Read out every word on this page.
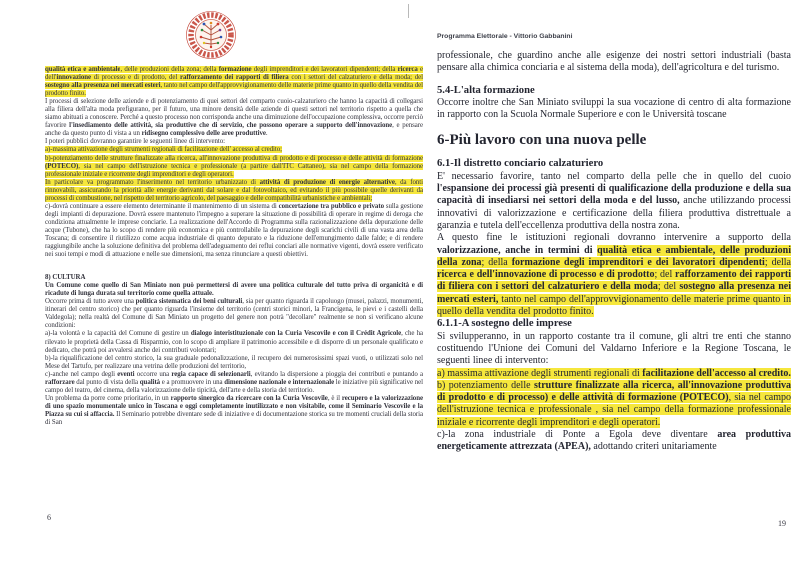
qualità etica e ambientale, delle produzioni della zona; della formazione degli imprenditori e dei lavoratori dipendenti; della ricerca e dell'innovazione di processo e di prodotto, del rafforzamento dei rapporti di filiera con i settori del calzaturiero e della moda; del sostegno alla presenza nei mercati esteri, tanto nel campo dell'approvvigionamento delle materie prime quanto in quello della vendita del prodotto finito.
I processi di selezione delle aziende e di potenziamento di quei settori del comparto cuoio-calzaturiero che hanno la capacità di collegarsi alla filiera dell'alta moda prefigurano, per il futuro, una minore densità delle aziende di questi settori nel territorio rispetto a quella che siamo abituati a conoscere. Perché a questo processo non corrisponda anche una diminuzione dell'occupazione complessiva, occorre perciò favorire l'insediamento delle attività, sia produttive che di servizio, che possono operare a supporto dell'innovazione, e pensare anche da questo punto di vista a un ridisegno complessivo delle aree produttive.
I poteri pubblici dovranno garantire le seguenti linee di intervento:
a)-massima attivazione degli strumenti regionali di facilitazione dell' accesso al credito;
b)-potenziamento delle strutture finalizzate alla ricerca, all'innovazione produttiva di prodotto e di processo e delle attività di formazione (POTECO), sia nel campo dell'istruzione tecnica e professionale (a partire dall'ITC Cattaneo), sia nel campo della formazione professionale iniziale e ricorrente degli imprenditori e degli operatori.
In particolare va programmato l'inserimento nel territorio urbanizzato di attività di produzione di energie alternative, da fonti rinnovabili, assicurando la priorità alle energie derivanti dal solare e dal fotovoltaico, ed evitando il più possibile quelle derivanti da processi di combustione, nel rispetto del territorio agricolo, del paesaggio e delle compatibilità urbanistiche e ambientali;
c)-dovrà continuare a essere elemento determinante il mantenimento di un sistema di concertazione tra pubblico e privato sulla gestione degli impianti di depurazione. Dovrà essere mantenuto l'impegno a superare la situazione di possibilità di operare in regime di deroga che condiziona attualmente le imprese conciarie. La realizzazione dell'Accordo di Programma sulla razionalizzazione della depurazione delle acque (Tubone), che ha lo scopo di rendere più economica e più controllabile la depurazione degli scarichi civili di una vasta area della Toscana; di consentire il riutilizzo come acqua industriale di quanto depurato e la riduzione dell'emungimento dalle falde; e di rendere raggiungibile anche la soluzione definitiva del problema dell'adeguamento dei reflui conciari alle normative vigenti, dovrà essere verificato nei suoi tempi e modi di attuazione e nelle sue dimensioni, ma senza rinunciare a questi obiettivi.
8) CULTURA
Un Comune come quello di San Miniato non può permettersi di avere una politica culturale del tutto priva di organicità e di ricadute di lunga durata sul territorio come quella attuale.
Occorre prima di tutto avere una politica sistematica dei beni culturali, sia per quanto riguarda il capoluogo (musei, palazzi, monumenti, itinerari del centro storico) che per quanto riguarda l'insieme del territorio (centri storici minori, la Francigena, le pievi e i castelli della Valdegola); nella realtà del Comune di San Miniato un progetto del genere non potrà "decollare" realmente se non si verificano alcune condizioni:
a)-la volontà e la capacità del Comune di gestire un dialogo interistituzionale con la Curia Vescovile e con il Crédit Agricole, che ha rilevato le proprietà della Cassa di Risparmio, con lo scopo di ampliare il patrimonio accessibile e di disporre di un personale qualificato e dedicato, che potrà poi avvalersi anche dei contributi volontari;
b)-la riqualificazione del centro storico, la sua graduale pedonalizzazione, il recupero dei numerosissimi spazi vuoti, o utilizzati solo nel Mese del Tartufo, per realizzare una vetrina delle produzioni del territorio,
c)-anche nel campo degli eventi occorre una regia capace di selezionarli, evitando la dispersione a pioggia dei contributi e puntando a rafforzare dal punto di vista della qualità e a promuovere in una dimensione nazionale e internazionale le iniziative più significative nel campo del teatro, del cinema, della valorizzazione delle tipicità, dell'arte e della storia del territorio.
Un problema da porre come prioritario, in un rapporto sinergico da ricercare con la Curia Vescovile, è il recupero e la valorizzazione di uno spazio monumentale unico in Toscana e oggi completamente inutilizzato e non visitabile, come il Seminario Vescovile e la Piazza su cui si affaccia. Il Seminario potrebbe diventare sede di iniziative e di documentazione storica su tre momenti cruciali della storia di San
6
Programma Elettorale - Vittorio Gabbanini
professionale, che guardino anche alle esigenze dei nostri settori industriali (basta pensare alla chimica conciaria e al sistema della moda), dell'agricoltura e del turismo.
5.4-L'alta formazione
Occorre inoltre che San Miniato sviluppi la sua vocazione di centro di alta formazione in rapporto con la Scuola Normale Superiore e con le Università toscane
6-Più lavoro con una nuova pelle
6.1-Il distretto conciario calzaturiero
E' necessario favorire, tanto nel comparto della pelle che in quello del cuoio l'espansione dei processi già presenti di qualificazione della produzione e della sua capacità di insediarsi nei settori della moda e del lusso, anche utilizzando processi innovativi di valorizzazione e certificazione della filiera produttiva distrettuale a garanzia e tutela dell'eccellenza produttiva della nostra zona.
A questo fine le istituzioni regionali dovranno intervenire a supporto della valorizzazione, anche in termini di qualità etica e ambientale, delle produzioni della zona; della formazione degli imprenditori e dei lavoratori dipendenti; della ricerca e dell'innovazione di processo e di prodotto; del rafforzamento dei rapporti di filiera con i settori del calzaturiero e della moda; del sostegno alla presenza nei mercati esteri, tanto nel campo dell'approvvigionamento delle materie prime quanto in quello della vendita del prodotto finito.
6.1.1-A sostegno delle imprese
Si svilupperanno, in un rapporto costante tra il comune, gli altri tre enti che stanno costituendo l'Unione dei Comuni del Valdarno Inferiore e la Regione Toscana, le seguenti linee di intervento:
a) massima attivazione degli strumenti regionali di facilitazione dell'accesso al credito.
b) potenziamento delle strutture finalizzate alla ricerca, all'innovazione produttiva di prodotto e di processo) e delle attività di formazione (POTECO), sia nel campo dell'istruzione tecnica e professionale , sia nel campo della formazione professionale iniziale e ricorrente degli imprenditori e degli operatori.
c)-la zona industriale di Ponte a Egola deve diventare area produttiva energeticamente attrezzata (APEA), adottando criteri unitariamente
19
